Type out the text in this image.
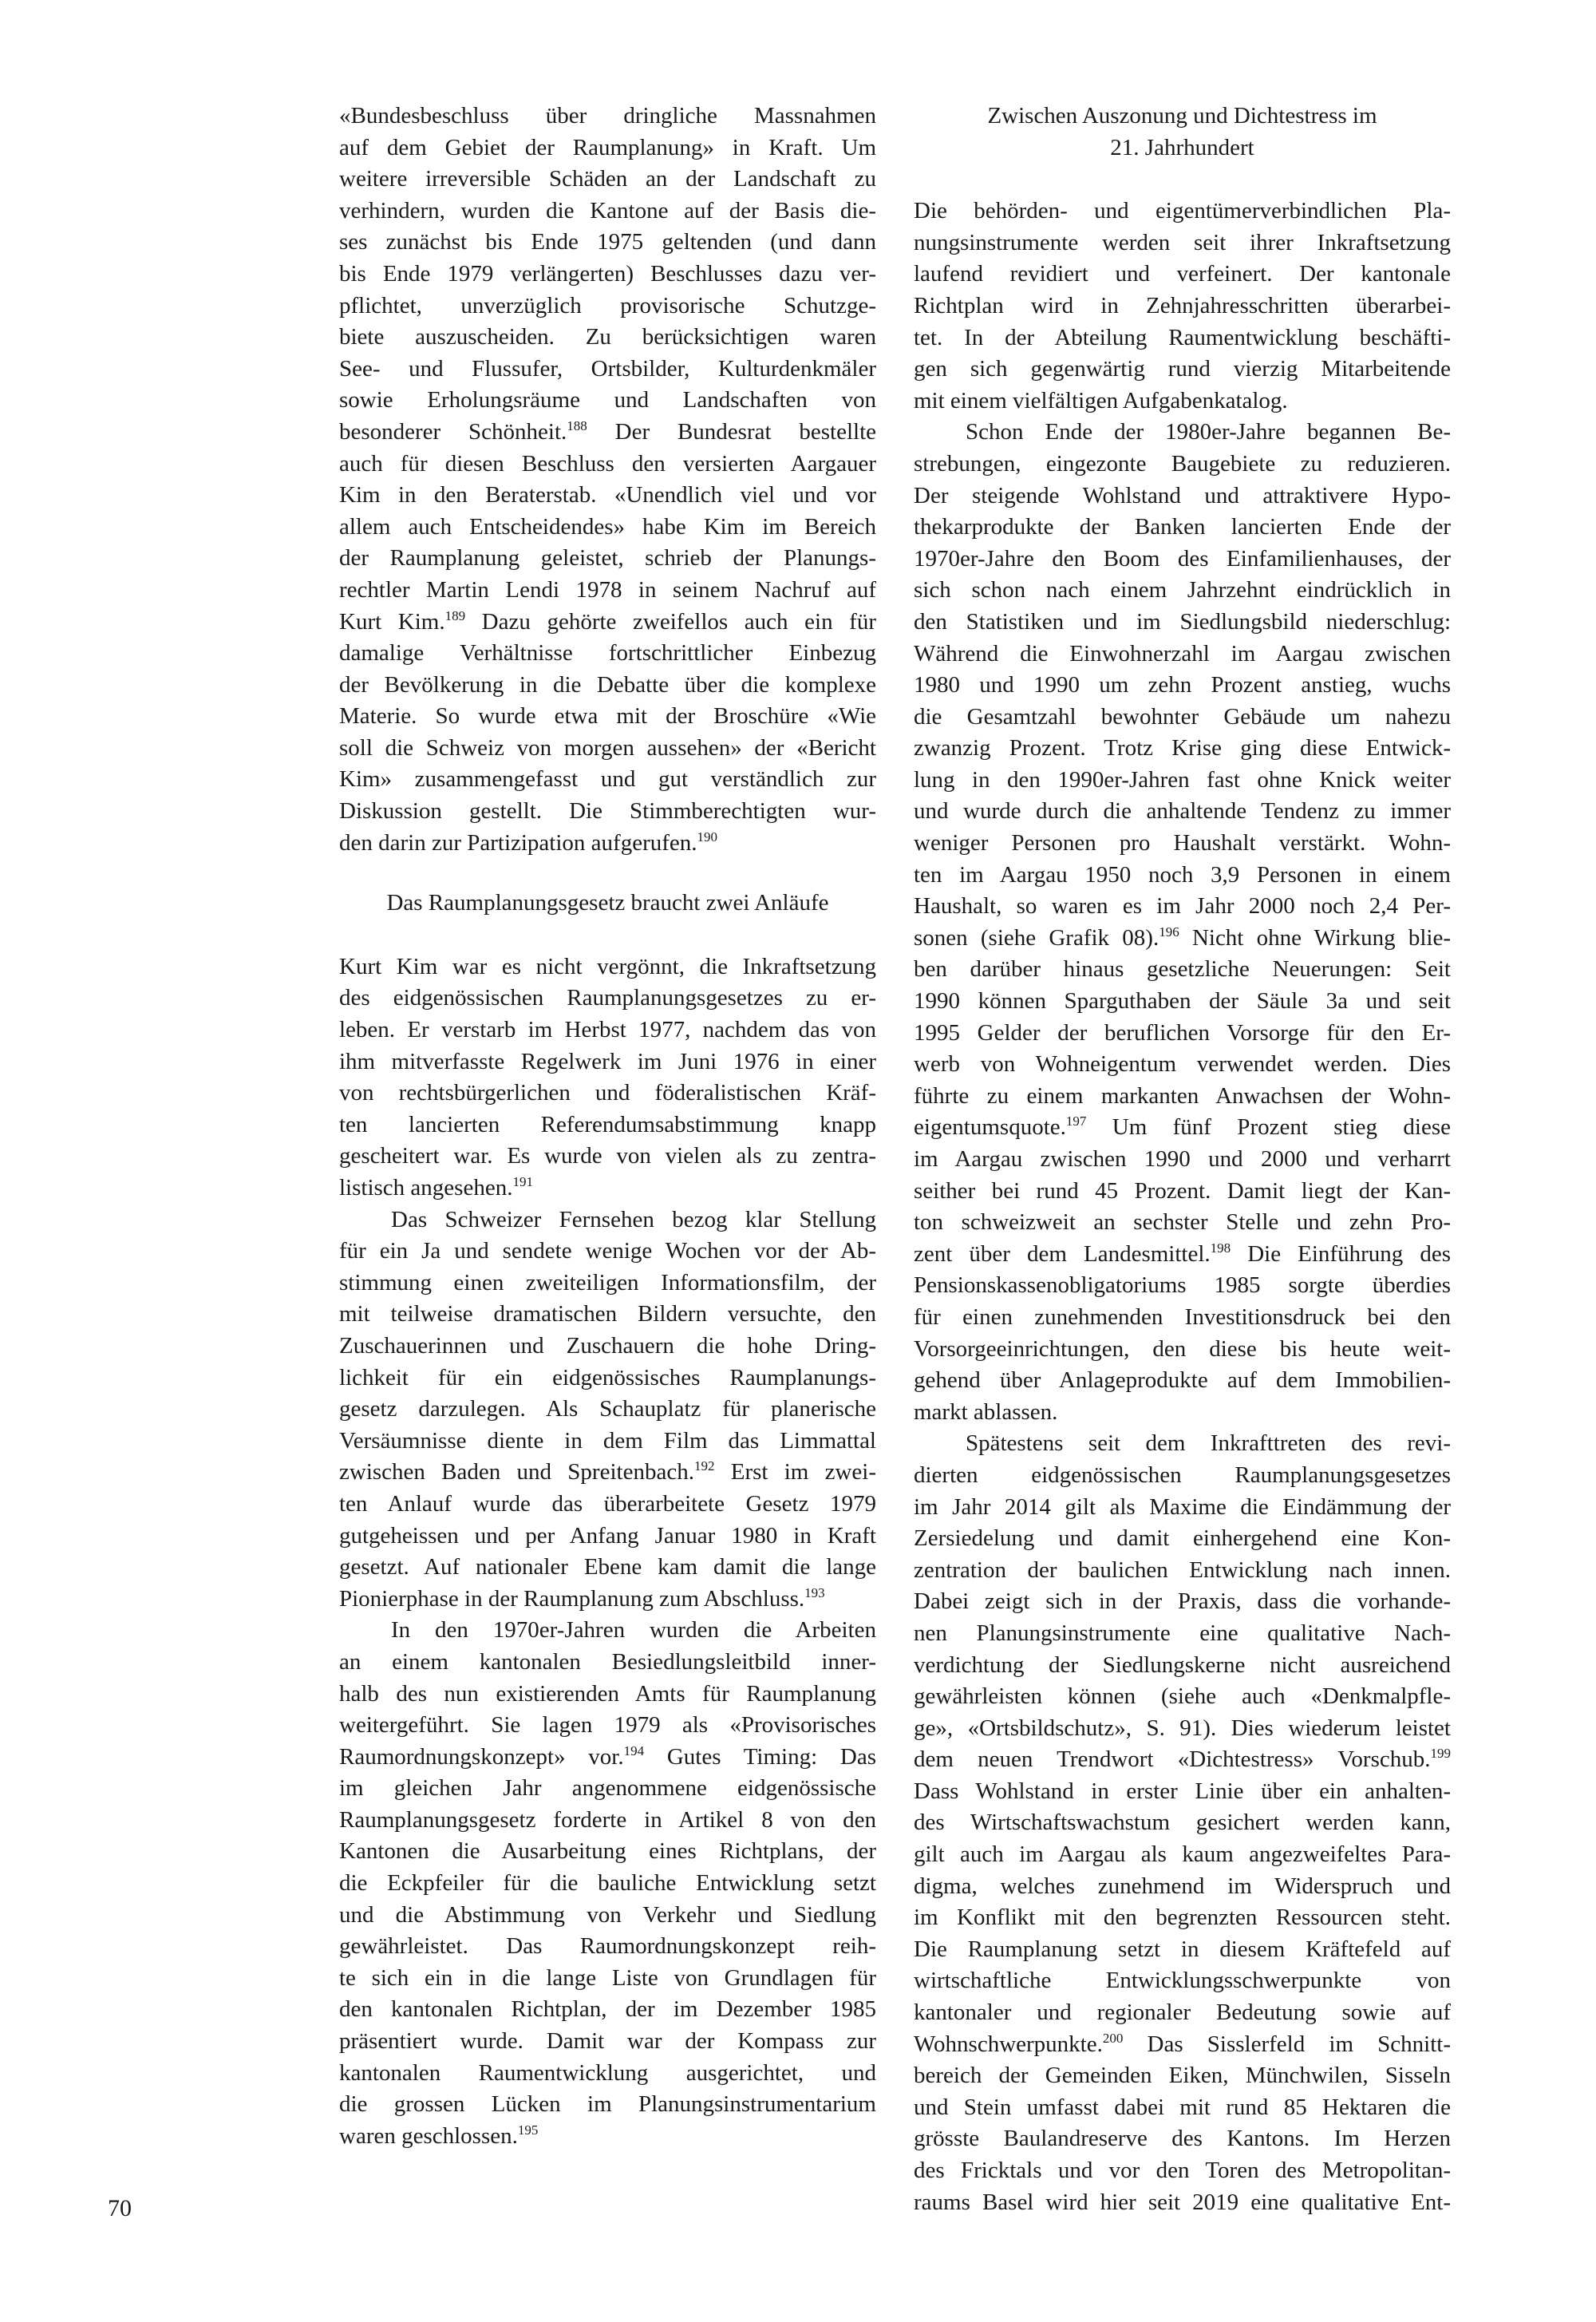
«Bundesbeschluss über dringliche Massnahmen
auf dem Gebiet der Raumplanung» in Kraft. Um
weitere irreversible Schäden an der Landschaft zu
verhindern, wurden die Kantone auf der Basis die-
ses zunächst bis Ende 1975 geltenden (und dann
bis Ende 1979 verlängerten) Beschlusses dazu ver-
pflichtet, unverzüglich provisorische Schutzge-
biete auszuscheiden. Zu berücksichtigen waren
See- und Flussufer, Ortsbilder, Kulturdenkmäler
sowie Erholungsräume und Landschaften von
besonderer Schönheit.$^{188}$ Der Bundesrat bestellte
auch für diesen Beschluss den versierten Aargauer
Kim in den Beraterstab. «Unendlich viel und vor
allem auch Entscheidendes» habe Kim im Bereich
der Raumplanung geleistet, schrieb der Planungs-
rechtler Martin Lendi 1978 in seinem Nachruf auf
Kurt Kim.$^{189}$ Dazu gehörte zweifellos auch ein für
damalige Verhältnisse fortschrittlicher Einbezug
der Bevölkerung in die Debatte über die komplexe
Materie. So wurde etwa mit der Broschüre «Wie
soll die Schweiz von morgen aussehen» der «Bericht
Kim» zusammengefasst und gut verständlich zur
Diskussion gestellt. Die Stimmberechtigten wur-
den darin zur Partizipation aufgerufen.$^{190}$
Das Raumplanungsgesetz braucht zwei Anläufe
Kurt Kim war es nicht vergönnt, die Inkraftsetzung
des eidgenössischen Raumplanungsgesetzes zu er-
leben. Er verstarb im Herbst 1977, nachdem das von
ihm mitverfasste Regelwerk im Juni 1976 in einer
von rechtsbürgerlichen und föderalistischen Kräf-
ten lancierten Referendumsabstimmung knapp
gescheitert war. Es wurde von vielen als zu zentra-
listisch angesehen.$^{191}$
Das Schweizer Fernsehen bezog klar Stellung
für ein Ja und sendete wenige Wochen vor der Ab-
stimmung einen zweiteiligen Informationsfilm, der
mit teilweise dramatischen Bildern versuchte, den
Zuschauerinnen und Zuschauern die hohe Dring-
lichkeit für ein eidgenössisches Raumplanungs-
gesetz darzulegen. Als Schauplatz für planerische
Versäumnisse diente in dem Film das Limmattal
zwischen Baden und Spreitenbach.$^{192}$ Erst im zwei-
ten Anlauf wurde das überarbeitete Gesetz 1979
gutgeheissen und per Anfang Januar 1980 in Kraft
gesetzt. Auf nationaler Ebene kam damit die lange
Pionierphase in der Raumplanung zum Abschluss.$^{193}$
In den 1970er-Jahren wurden die Arbeiten
an einem kantonalen Besiedlungsleitbild inner-
halb des nun existierenden Amts für Raumplanung
weitergeführt. Sie lagen 1979 als «Provisorisches
Raumordnungskonzept» vor.$^{194}$ Gutes Timing: Das
im gleichen Jahr angenommene eidgenössische
Raumplanungsgesetz forderte in Artikel 8 von den
Kantonen die Ausarbeitung eines Richtplans, der
die Eckpfeiler für die bauliche Entwicklung setzt
und die Abstimmung von Verkehr und Siedlung
gewährleistet. Das Raumordnungskonzept reih-
te sich ein in die lange Liste von Grundlagen für
den kantonalen Richtplan, der im Dezember 1985
präsentiert wurde. Damit war der Kompass zur
kantonalen Raumentwicklung ausgerichtet, und
die grossen Lücken im Planungsinstrumentarium
waren geschlossen.$^{195}$
Zwischen Auszonung und Dichtestress im
21. Jahrhundert
Die behörden- und eigentümerverbindlichen Pla-
nungsinstrumente werden seit ihrer Inkraftsetzung
laufend revidiert und verfeinert. Der kantonale
Richtplan wird in Zehnjahresschritten überarbei-
tet. In der Abteilung Raumentwicklung beschäfti-
gen sich gegenwärtig rund vierzig Mitarbeitende
mit einem vielfältigen Aufgabenkatalog.
Schon Ende der 1980er-Jahre begannen Be-
strebungen, eingezonte Baugebiete zu reduzieren.
Der steigende Wohlstand und attraktivere Hypo-
thekarprodukte der Banken lancierten Ende der
1970er-Jahre den Boom des Einfamilienhauses, der
sich schon nach einem Jahrzehnt eindrücklich in
den Statistiken und im Siedlungsbild niederschlug:
Während die Einwohnerzahl im Aargau zwischen
1980 und 1990 um zehn Prozent anstieg, wuchs
die Gesamtzahl bewohnter Gebäude um nahezu
zwanzig Prozent. Trotz Krise ging diese Entwick-
lung in den 1990er-Jahren fast ohne Knick weiter
und wurde durch die anhaltende Tendenz zu immer
weniger Personen pro Haushalt verstärkt. Wohn-
ten im Aargau 1950 noch 3,9 Personen in einem
Haushalt, so waren es im Jahr 2000 noch 2,4 Per-
sonen (siehe Grafik 08).$^{196}$ Nicht ohne Wirkung blie-
ben darüber hinaus gesetzliche Neuerungen: Seit
1990 können Sparguthaben der Säule 3a und seit
1995 Gelder der beruflichen Vorsorge für den Er-
werb von Wohneigentum verwendet werden. Dies
führte zu einem markanten Anwachsen der Wohn-
eigentumsquote.$^{197}$ Um fünf Prozent stieg diese
im Aargau zwischen 1990 und 2000 und verharrt
seither bei rund 45 Prozent. Damit liegt der Kan-
ton schweizweit an sechster Stelle und zehn Pro-
zent über dem Landesmittel.$^{198}$ Die Einführung des
Pensionskassenobligatoriums 1985 sorgte überdies
für einen zunehmenden Investitionsdruck bei den
Vorsorgeeinrichtungen, den diese bis heute weit-
gehend über Anlageprodukte auf dem Immobilien-
markt ablassen.
Spätestens seit dem Inkrafttreten des revi-
dierten eidgenössischen Raumplanungsgesetzes
im Jahr 2014 gilt als Maxime die Eindämmung der
Zersiedelung und damit einhergehend eine Kon-
zentration der baulichen Entwicklung nach innen.
Dabei zeigt sich in der Praxis, dass die vorhande-
nen Planungsinstrumente eine qualitative Nach-
verdichtung der Siedlungskerne nicht ausreichend
gewährleisten können (siehe auch «Denkmalpfle-
ge», «Ortsbildschutz», S. 91). Dies wiederum leistet
dem neuen Trendwort «Dichtestress» Vorschub.$^{199}$
Dass Wohlstand in erster Linie über ein anhalten-
des Wirtschaftswachstum gesichert werden kann,
gilt auch im Aargau als kaum angezweifeltes Para-
digma, welches zunehmend im Widerspruch und
im Konflikt mit den begrenzten Ressourcen steht.
Die Raumplanung setzt in diesem Kräftefeld auf
wirtschaftliche Entwicklungsschwerpunkte von
kantonaler und regionaler Bedeutung sowie auf
Wohnschwerpunkte.$^{200}$ Das Sisslerfeld im Schnitt-
bereich der Gemeinden Eiken, Münchwilen, Sisseln
und Stein umfasst dabei mit rund 85 Hektaren die
grösste Baulandreserve des Kantons. Im Herzen
des Fricktals und vor den Toren des Metropolitan-
raums Basel wird hier seit 2019 eine qualitative Ent-
70
